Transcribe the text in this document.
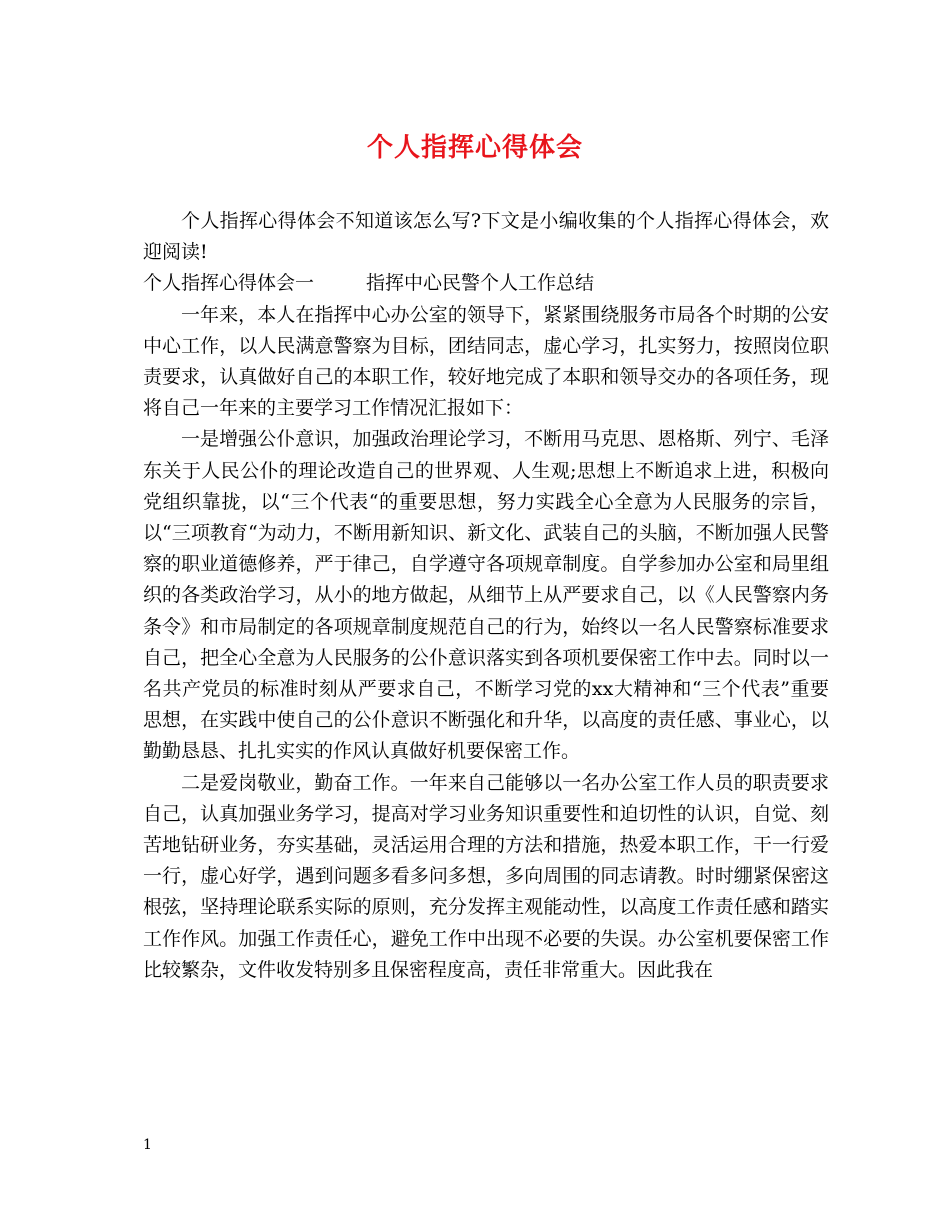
个人指挥心得体会

个人指挥心得体会不知道该怎么写?下文是小编收集的个人指挥心得体会，欢迎阅读!

个人指挥心得体会一	指挥中心民警个人工作总结

一年来，本人在指挥中心办公室的领导下，紧紧围绕服务市局各个时期的公安中心工作，以人民满意警察为目标，团结同志，虚心学习，扎实努力，按照岗位职责要求，认真做好自己的本职工作，较好地完成了本职和领导交办的各项任务，现将自己一年来的主要学习工作情况汇报如下：

一是增强公仆意识，加强政治理论学习，不断用马克思、恩格斯、列宁、毛泽东关于人民公仆的理论改造自己的世界观、人生观;思想上不断追求上进，积极向党组织靠拢，以“三个代表“的重要思想，努力实践全心全意为人民服务的宗旨，以“三项教育“为动力，不断用新知识、新文化、武装自己的头脑，不断加强人民警察的职业道德修养，严于律己，自学遵守各项规章制度。自学参加办公室和局里组织的各类政治学习，从小的地方做起，从细节上从严要求自己，以《人民警察内务条令》和市局制定的各项规章制度规范自己的行为，始终以一名人民警察标准要求自己，把全心全意为人民服务的公仆意识落实到各项机要保密工作中去。同时以一名共产党员的标准时刻从严要求自己，不断学习党的xx大精神和“三个代表”重要思想，在实践中使自己的公仆意识不断强化和升华，以高度的责任感、事业心，以勤勤恳恳、扎扎实实的作风认真做好机要保密工作。

二是爱岗敬业，勤奋工作。一年来自己能够以一名办公室工作人员的职责要求自己，认真加强业务学习，提高对学习业务知识重要性和迫切性的认识，自觉、刻苦地钻研业务，夯实基础，灵活运用合理的方法和措施，热爱本职工作，干一行爱一行，虚心好学，遇到问题多看多问多想，多向周围的同志请教。时时绷紧保密这根弦，坚持理论联系实际的原则，充分发挥主观能动性，以高度工作责任感和踏实工作作风。加强工作责任心，避免工作中出现不必要的失误。办公室机要保密工作比较繁杂，文件收发特别多且保密程度高，责任非常重大。因此我在

1
